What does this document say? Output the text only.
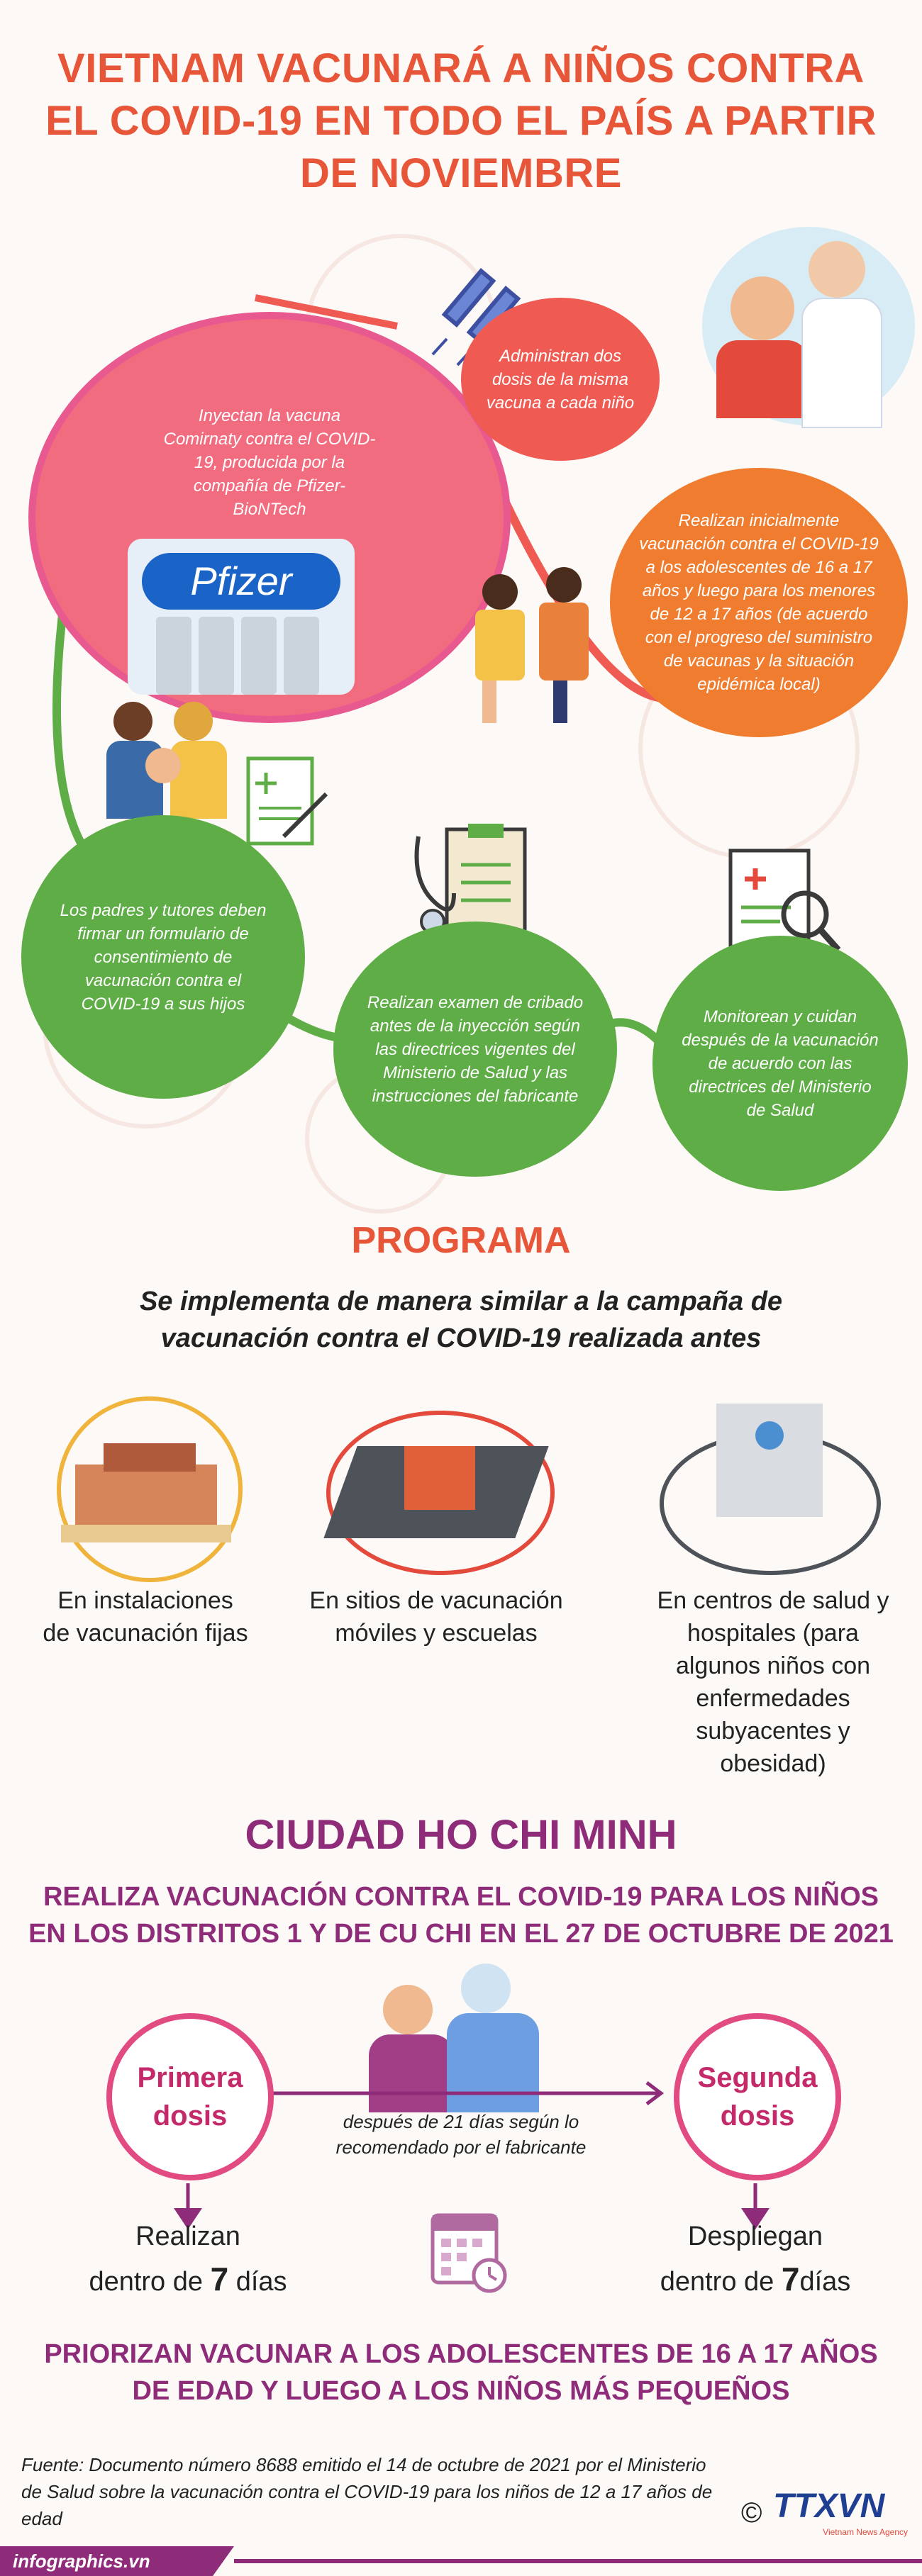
VIETNAM VACUNARÁ A NIÑOS CONTRA EL COVID-19 EN TODO EL PAÍS A PARTIR DE NOVIEMBRE
Inyectan la vacuna Comirnaty contra el COVID-19, producida por la compañía de Pfizer-BioNTech
Pfizer
Administran dos dosis de la misma vacuna a cada niño
Realizan inicialmente vacunación contra el COVID-19 a los adolescentes de 16 a 17 años y luego para los menores de 12 a 17 años (de acuerdo con el progreso del suministro de vacunas y la situación epidémica local)
Los padres y tutores deben firmar un formulario de consentimiento de vacunación contra el COVID-19 a sus hijos	Realizan examen de cribado antes de la inyección según las directrices vigentes del Ministerio de Salud y las instrucciones del fabricante
Monitorean y cuidan después de la vacunación de acuerdo con las directrices del Ministerio de Salud
PROGRAMA
Se implementa de manera similar a la campaña de vacunación contra el COVID-19 realizada antes
En instalaciones de vacunación fijas
En sitios de vacunación móviles y escuelas
En centros de salud y hospitales (para algunos niños con enfermedades subyacentes y obesidad)
CIUDAD HO CHI MINH
REALIZA VACUNACIÓN CONTRA EL COVID-19 PARA LOS NIÑOS EN LOS DISTRITOS 1 Y DE CU CHI EN EL 27 DE OCTUBRE DE 2021
Primera dosis
Segunda dosis
después de 21 días según lo recomendado por el fabricante
Realizan
dentro de 7 días
Despliegan
dentro de 7días
PRIORIZAN VACUNAR A LOS ADOLESCENTES DE 16 A 17 AÑOS DE EDAD Y LUEGO A LOS NIÑOS MÁS PEQUEÑOS
Fuente: Documento número 8688 emitido el 14 de octubre de 2021 por el Ministerio de Salud sobre la vacunación contra el COVID-19 para los niños de 12 a 17 años de edad
infographics.vn
© TTXVN
Vietnam News Agency
